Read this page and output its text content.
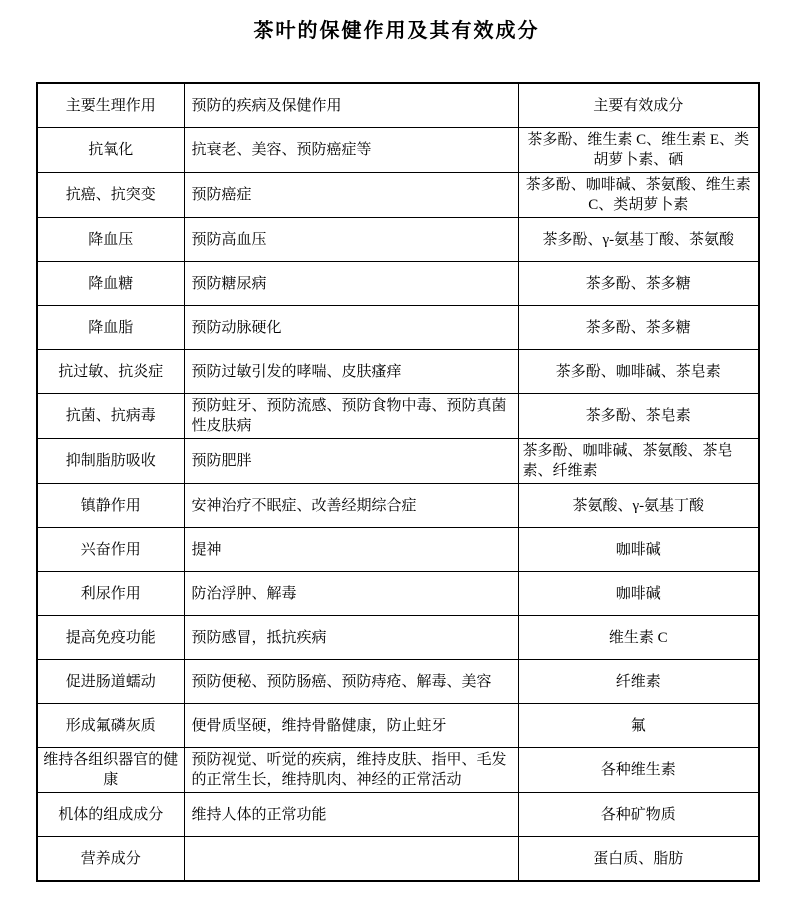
茶叶的保健作用及其有效成分
主要生理作用	预防的疾病及保健作用	主要有效成分
抗氧化	抗衰老、美容、预防癌症等	茶多酚、维生素 C、维生素 E、类胡萝卜素、硒
抗癌、抗突变	预防癌症	茶多酚、咖啡碱、茶氨酸、维生素 C、类胡萝卜素
降血压	预防高血压	茶多酚、γ-氨基丁酸、茶氨酸
降血糖	预防糖尿病	茶多酚、茶多糖
降血脂	预防动脉硬化	茶多酚、茶多糖
抗过敏、抗炎症	预防过敏引发的哮喘、皮肤瘙痒	茶多酚、咖啡碱、茶皂素
抗菌、抗病毒	预防蛀牙、预防流感、预防食物中毒、预防真菌性皮肤病	茶多酚、茶皂素
抑制脂肪吸收	预防肥胖	茶多酚、咖啡碱、茶氨酸、茶皂素、纤维素
镇静作用	安神治疗不眠症、改善经期综合症	茶氨酸、γ-氨基丁酸
兴奋作用	提神	咖啡碱
利尿作用	防治浮肿、解毒	咖啡碱
提高免疫功能	预防感冒，抵抗疾病	维生素 C
促进肠道蠕动	预防便秘、预防肠癌、预防痔疮、解毒、美容	纤维素
形成氟磷灰质	便骨质坚硬，维持骨骼健康，防止蛀牙	氟
维持各组织器官的健康	预防视觉、听觉的疾病，维持皮肤、指甲、毛发的正常生长，维持肌肉、神经的正常活动	各种维生素
机体的组成成分	维持人体的正常功能	各种矿物质
营养成分		蛋白质、脂肪
